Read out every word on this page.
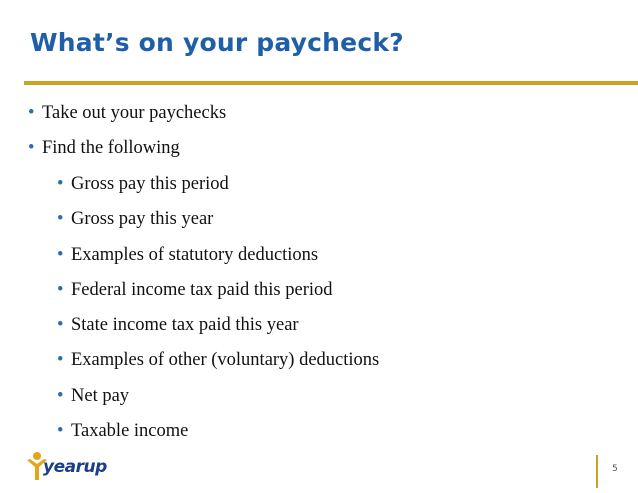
What’s on your paycheck?
• Take out your paychecks
• Find the following
• Gross pay this period
• Gross pay this year
• Examples of statutory deductions
• Federal income tax paid this period
• State income tax paid this year
• Examples of other (voluntary) deductions
• Net pay
• Taxable income
yearup	5
